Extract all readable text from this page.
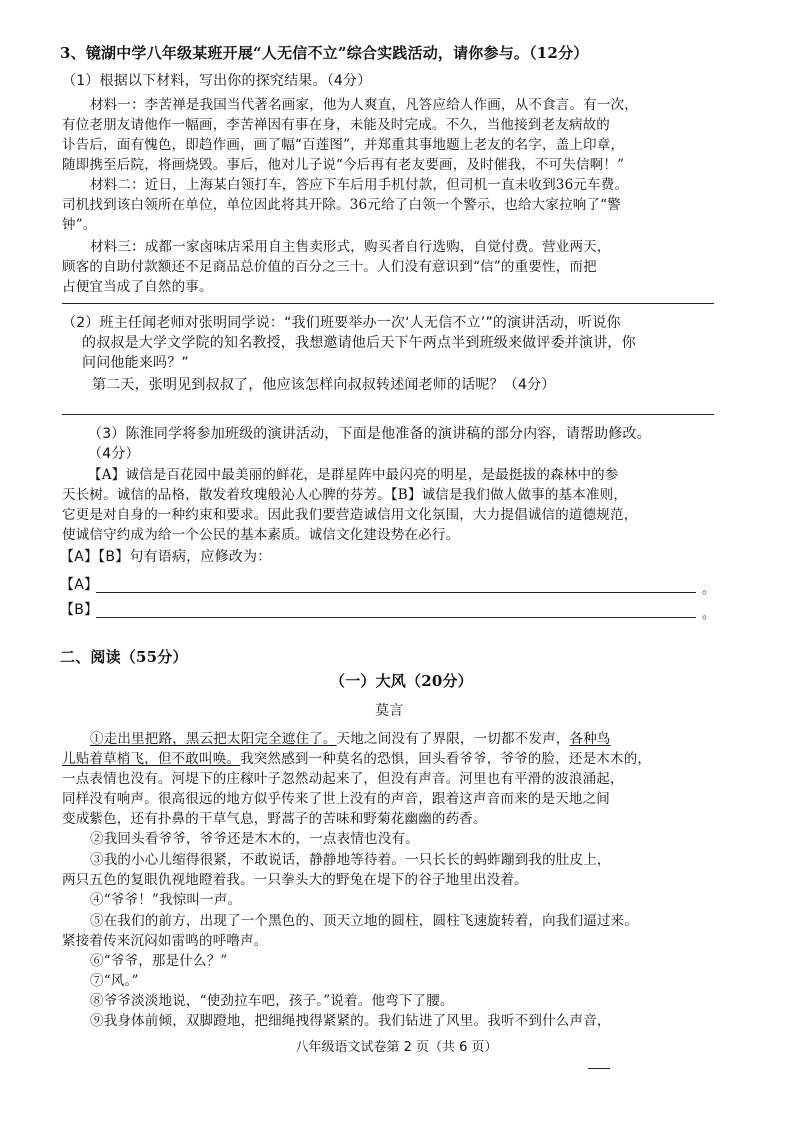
3、镜湖中学八年级某班开展“人无信不立”综合实践活动，请你参与。（12分）
（1）根据以下材料，写出你的探究结果。（4分）
材料一：李苦禅是我国当代著名画家，他为人爽直，凡答应给人作画，从不食言。有一次，
有位老朋友请他作一幅画，李苦禅因有事在身，未能及时完成。不久，当他接到老友病故的
讣告后，面有愧色，即趋作画，画了幅“百莲图”，并郑重其事地题上老友的名字，盖上印章，
随即携至后院，将画烧毁。事后，他对儿子说“今后再有老友要画，及时催我，不可失信啊！”
材料二：近日，上海某白领打车，答应下车后用手机付款，但司机一直未收到36元车费。
司机找到该白领所在单位，单位因此将其开除。36元给了白领一个警示，也给大家拉响了“警
钟”。
材料三：成都一家卤味店采用自主售卖形式，购买者自行选购，自觉付费。营业两天，
顾客的自助付款额还不足商品总价值的百分之三十。人们没有意识到“信”的重要性，而把
占便宜当成了自然的事。
（2）班主任闻老师对张明同学说：“我们班要举办一次‘人无信不立’”的演讲活动，听说你
的叔叔是大学文学院的知名教授，我想邀请他后天下午两点半到班级来做评委并演讲，你
问问他能来吗？”
第二天，张明见到叔叔了，他应该怎样向叔叔转述闻老师的话呢？（4分）
（3）陈淮同学将参加班级的演讲活动，下面是他准备的演讲稿的部分内容，请帮助修改。
（4分）
【A】诚信是百花园中最美丽的鲜花，是群星阵中最闪亮的明星，是最挺拔的森林中的参
天长树。诚信的品格，散发着玫瑰般沁人心脾的芬芳。【B】诚信是我们做人做事的基本准则，
它更是对自身的一种约束和要求。因此我们要营造诚信用文化氛围，大力提倡诚信的道德规范，
使诚信守约成为给一个公民的基本素质。诚信文化建设势在必行。
【A】【B】句有语病，应修改为：
【A】	。
【B】	。
二、阅读（55分）
（一）大风（20分）
莫言
①走出里把路，黑云把太阳完全遮住了。天地之间没有了界限，一切都不发声，各种鸟
儿贴着草梢飞，但不敢叫唤。我突然感到一种莫名的恐惧，回头看爷爷，爷爷的脸，还是木木的，
一点表情也没有。河堤下的庄稼叶子忽然动起来了，但没有声音。河里也有平滑的波浪涌起，
同样没有响声。很高很远的地方似乎传来了世上没有的声音，跟着这声音而来的是天地之间
变成紫色，还有扑鼻的干草气息，野蒿子的苦味和野菊花幽幽的药香。
②我回头看爷爷，爷爷还是木木的，一点表情也没有。
③我的小心儿缩得很紧，不敢说话，静静地等待着。一只长长的蚂蚱蹦到我的肚皮上，
两只五色的复眼仇视地瞪着我。一只拳头大的野兔在堤下的谷子地里出没着。
④“爷爷！”我惊叫一声。
⑤在我们的前方，出现了一个黑色的、顶天立地的圆柱，圆柱飞速旋转着，向我们逼过来。
紧接着传来沉闷如雷鸣的呼噜声。
⑥“爷爷，那是什么？”
⑦“风。”
⑧爷爷淡淡地说，“使劲拉车吧，孩子。”说着。他弯下了腰。
⑨我身体前倾，双脚蹬地，把细绳拽得紧紧的。我们钻进了风里。我听不到什么声音，
八年级语文试卷第 2 页（共 6 页）
